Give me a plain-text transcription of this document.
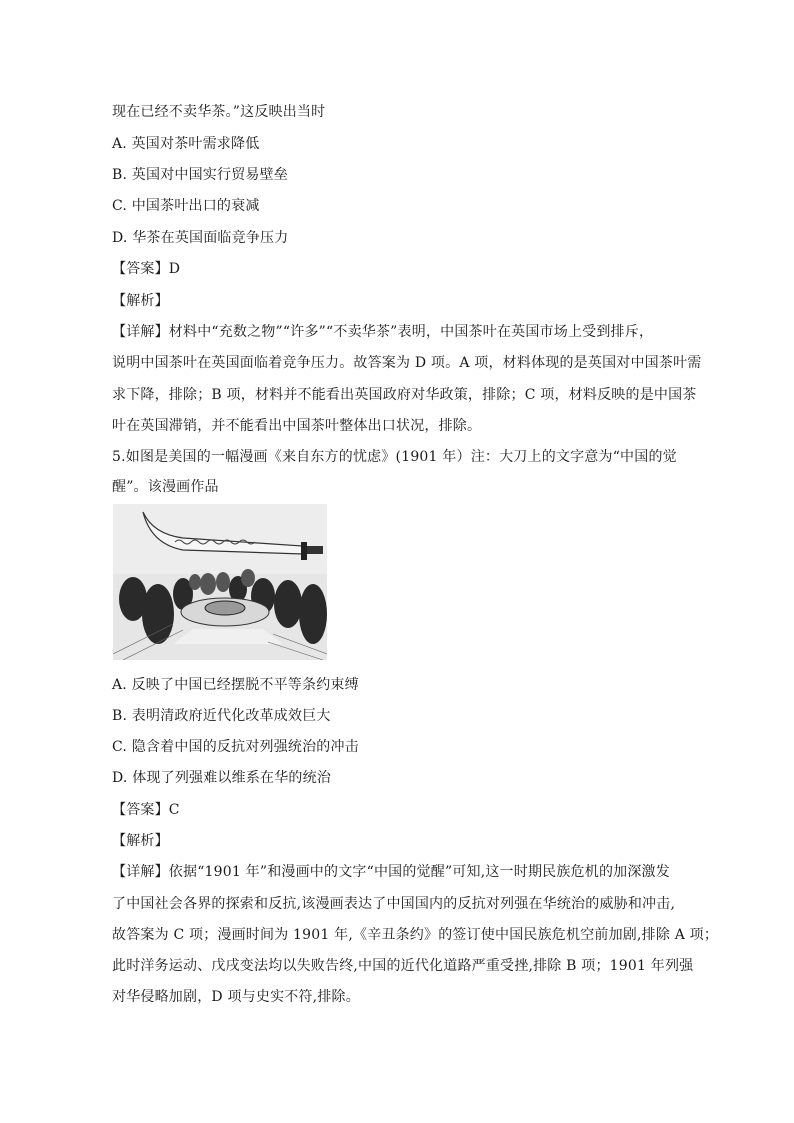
现在已经不卖华茶。”这反映出当时
A. 英国对茶叶需求降低
B. 英国对中国实行贸易壁垒
C. 中国茶叶出口的衰减
D. 华茶在英国面临竞争压力
【答案】D
【解析】
【详解】材料中“充数之物”“许多”“不卖华茶”表明，中国茶叶在英国市场上受到排斥，
说明中国茶叶在英国面临着竞争压力。故答案为 D 项。A 项，材料体现的是英国对中国茶叶需
求下降，排除；B 项，材料并不能看出英国政府对华政策，排除；C 项，材料反映的是中国茶
叶在英国滞销，并不能看出中国茶叶整体出口状况，排除。
5.如图是美国的一幅漫画《来自东方的忧虑》(1901 年）注：大刀上的文字意为“中国的觉
醒”。该漫画作品
A. 反映了中国已经摆脱不平等条约束缚
B. 表明清政府近代化改革成效巨大
C. 隐含着中国的反抗对列强统治的冲击
D. 体现了列强难以维系在华的统治
【答案】C
【解析】
【详解】依据“1901 年”和漫画中的文字“中国的觉醒”可知,这一时期民族危机的加深激发
了中国社会各界的探索和反抗,该漫画表达了中国国内的反抗对列强在华统治的威胁和冲击,
故答案为 C 项；漫画时间为 1901 年,《辛丑条约》的签订使中国民族危机空前加剧,排除 A 项；
此时洋务运动、戊戌变法均以失败告终,中国的近代化道路严重受挫,排除 B 项；1901 年列强
对华侵略加剧，D 项与史实不符,排除。
